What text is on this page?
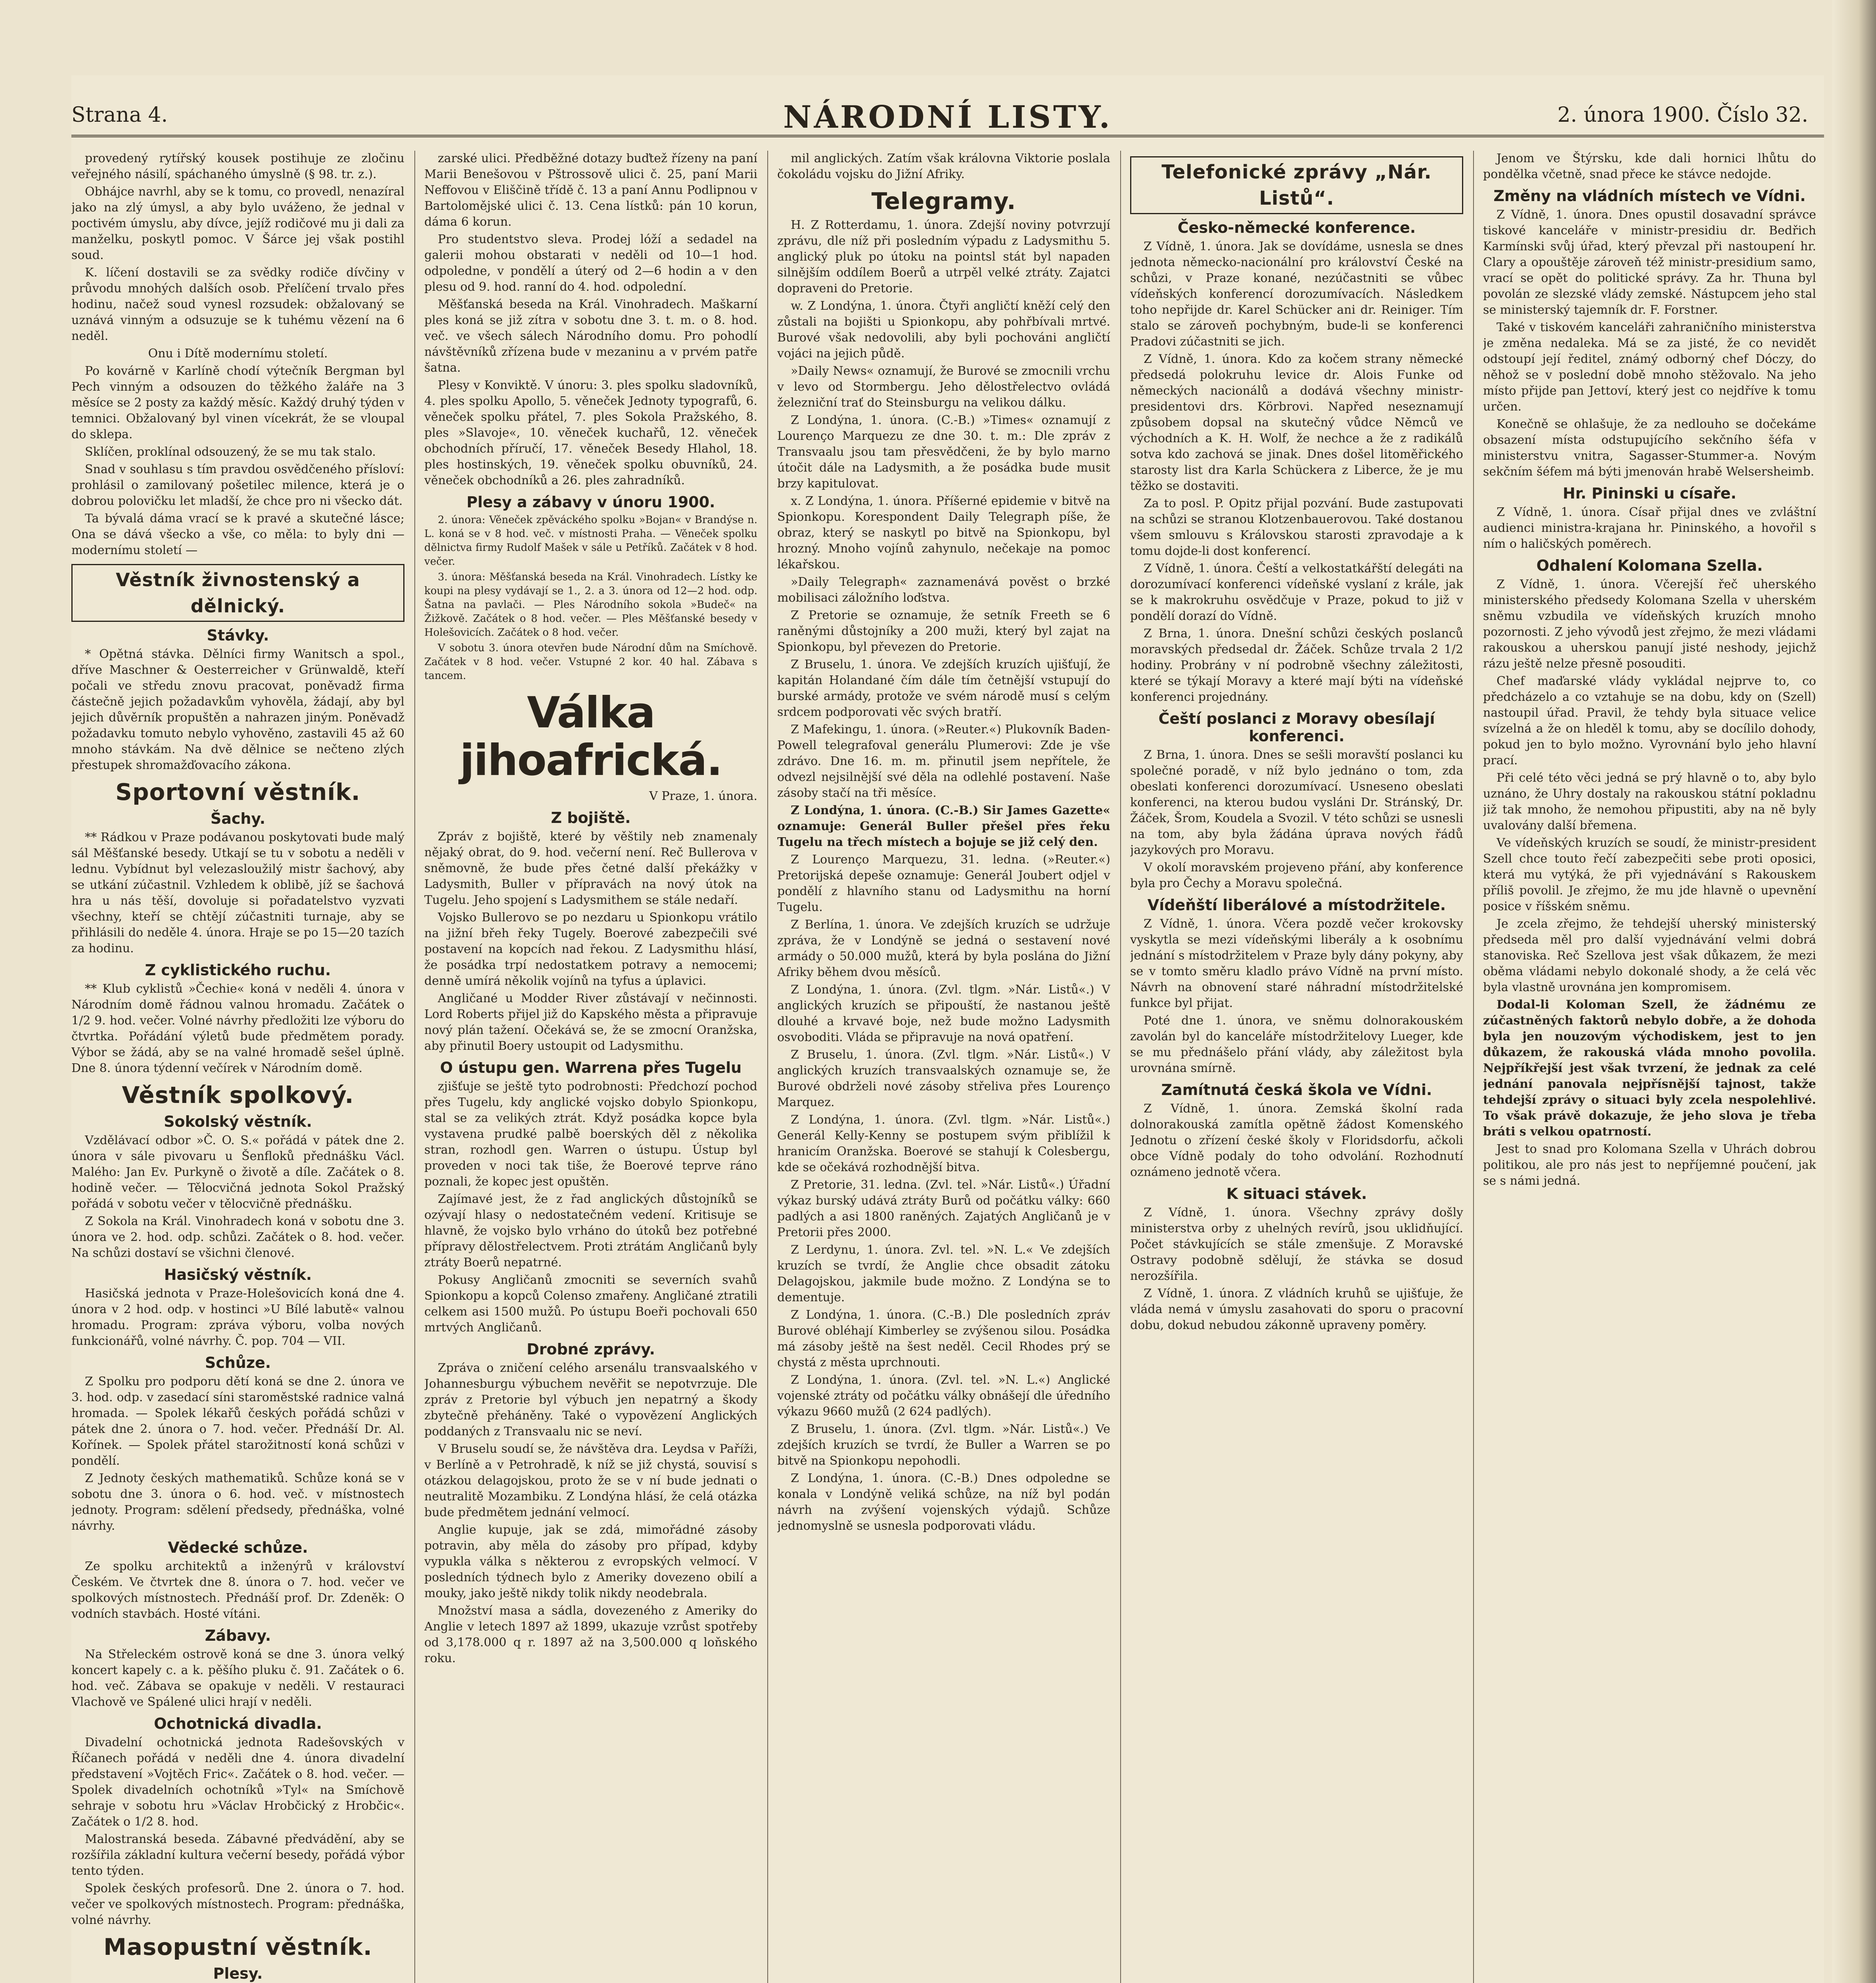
Strana 4.	NÁRODNÍ LISTY.	2. února 1900. Číslo 32.

provedený rytířský kousek postihuje ze zločinu veřejného násilí, spáchaného úmyslně (§ 98. tr. z.).

Obhájce navrhl, aby se k tomu, co provedl, nenazíral jako na zlý úmysl, a aby bylo uváženo, že jednal v poctivém úmyslu, aby dívce, jejíž rodičové mu ji dali za manželku, poskytl pomoc. V Šárce jej však postihl soud.

K. líčení dostavili se za svědky rodiče dívčiny v průvodu mnohých dalších osob. Přelíčení trvalo přes hodinu, načež soud vynesl rozsudek: obžalovaný se uznává vinným a odsuzuje se k tuhému vězení na 6 neděl.

Onu i Dítě modernímu století.

Po kovárně v Karlíně chodí výtečník Bergman byl Pech vinným a odsouzen do těžkého žaláře na 3 měsíce se 2 posty za každý měsíc. Každý druhý týden v temnici. Obžalovaný byl vinen vícekrát, že se vloupal do sklepa.

Sklíčen, proklínal odsouzený, že se mu tak stalo.

Snad v souhlasu s tím pravdou osvědčeného přísloví: prohlásil o zamilovaný pošetilec milence, která je o dobrou polovičku let mladší, že chce pro ni všecko dát.

Ta bývalá dáma vrací se k pravé a skutečné lásce; Ona se dává všecko a vše, co měla: to byly dni — modernímu století —

Věstník živnostenský a dělnický.
Stávky.

* Opětná stávka. Dělníci firmy Wanitsch a spol., dříve Maschner & Oesterreicher v Grünwaldě, kteří počali ve středu znovu pracovat, poněvadž firma částečně jejich požadavkům vyhověla, žádají, aby byl jejich důvěrník propuštěn a nahrazen jiným. Poněvadž požadavku tomuto nebylo vyhověno, zastavili 45 až 60 mnoho stávkám. Na dvě dělnice se nečteno zlých přestupek shromažďovacího zákona.

Sportovní věstník.
Šachy.

** Rádkou v Praze podávanou poskytovati bude malý sál Měšťanské besedy. Utkají se tu v sobotu a neděli v lednu. Vybídnut byl velezasloužilý mistr šachový, aby se utkání zúčastnil. Vzhledem k oblibě, jíž se šachová hra u nás těší, dovoluje si pořadatelstvo vyzvati všechny, kteří se chtějí zúčastniti turnaje, aby se přihlásili do neděle 4. února. Hraje se po 15—20 tazích za hodinu.

Z cyklistického ruchu.

** Klub cyklistů »Čechie« koná v neděli 4. února v Národním domě řádnou valnou hromadu. Začátek o 1/2 9. hod. večer. Volné návrhy předložiti lze výboru do čtvrtka. Pořádání výletů bude předmětem porady. Výbor se žádá, aby se na valné hromadě sešel úplně. Dne 8. února týdenní večírek v Národním domě.

Věstník spolkový.
Sokolský věstník.

Vzdělávací odbor »Č. O. S.« pořádá v pátek dne 2. února v sále pivovaru u Šenfloků přednášku Václ. Malého: Jan Ev. Purkyně o životě a díle. Začátek o 8. hodině večer. — Tělocvičná jednota Sokol Pražský pořádá v sobotu večer v tělocvičně přednášku.

Z Sokola na Král. Vinohradech koná v sobotu dne 3. února ve 2. hod. odp. schůzi. Začátek o 8. hod. večer. Na schůzi dostaví se všichni členové.

Hasičský věstník.

Hasičská jednota v Praze-Holešovicích koná dne 4. února v 2 hod. odp. v hostinci »U Bílé labutě« valnou hromadu. Program: zpráva výboru, volba nových funkcionářů, volné návrhy. Č. pop. 704 — VII.

Schůze.

Z Spolku pro podporu dětí koná se dne 2. února ve 3. hod. odp. v zasedací síni staroměstské radnice valná hromada. — Spolek lékařů českých pořádá schůzi v pátek dne 2. února o 7. hod. večer. Přednáší Dr. Al. Kořínek. — Spolek přátel starožitností koná schůzi v pondělí.

Z Jednoty českých mathematiků. Schůze koná se v sobotu dne 3. února o 6. hod. več. v místnostech jednoty. Program: sdělení předsedy, přednáška, volné návrhy.

Vědecké schůze.

Ze spolku architektů a inženýrů v království Českém. Ve čtvrtek dne 8. února o 7. hod. večer ve spolkových místnostech. Přednáší prof. Dr. Zdeněk: O vodních stavbách. Hosté vítáni.

Zábavy.

Na Střeleckém ostrově koná se dne 3. února velký koncert kapely c. a k. pěšího pluku č. 91. Začátek o 6. hod. več. Zábava se opakuje v neděli. V restauraci Vlachově ve Spálené ulici hrají v neděli.

Ochotnická divadla.

Divadelní ochotnická jednota Radešovských v Říčanech pořádá v neděli dne 4. února divadelní představení »Vojtěch Fric«. Začátek o 8. hod. večer. — Spolek divadelních ochotníků »Tyl« na Smíchově sehraje v sobotu hru »Václav Hrobčický z Hrobčic«. Začátek o 1/2 8. hod.

Malostranská beseda. Zábavné předvádění, aby se rozšířila základní kultura večerní besedy, pořádá výbor tento týden.

Spolek českých profesorů. Dne 2. února o 7. hod. večer ve spolkových místnostech. Program: přednáška, volné návrhy.

Masopustní věstník.
Plesy.

zarské ulici. Předběžné dotazy buďtež řízeny na paní Marii Benešovou v Pštrossově ulici č. 25, paní Marii Neffovou v Eliščině třídě č. 13 a paní Annu Podlipnou v Bartolomějské ulici č. 13. Cena lístků: pán 10 korun, dáma 6 korun.

Pro studentstvo sleva. Prodej lóží a sedadel na galerii mohou obstarati v neděli od 10—1 hod. odpoledne, v pondělí a úterý od 2—6 hodin a v den plesu od 9. hod. ranní do 4. hod. odpolední.

Měšťanská beseda na Král. Vinohradech. Maškarní ples koná se již zítra v sobotu dne 3. t. m. o 8. hod. več. ve všech sálech Národního domu. Pro pohodlí návštěvníků zřízena bude v mezaninu a v prvém patře šatna.

Plesy v Konviktě. V únoru: 3. ples spolku sladovníků, 4. ples spolku Apollo, 5. věneček Jednoty typografů, 6. věneček spolku přátel, 7. ples Sokola Pražského, 8. ples »Slavoje«, 10. věneček kuchařů, 12. věneček obchodních příručí, 17. věneček Besedy Hlahol, 18. ples hostinských, 19. věneček spolku obuvníků, 24. věneček obchodníků a 26. ples zahradníků.

Plesy a zábavy v únoru 1900.

2. února: Věneček zpěváckého spolku »Bojan« v Brandýse n. L. koná se v 8 hod. več. v místnosti Praha. — Věneček spolku dělnictva firmy Rudolf Mašek v sále u Petříků. Začátek v 8 hod. večer.

3. února: Měšťanská beseda na Král. Vinohradech. Lístky ke koupi na plesy vydávají se 1., 2. a 3. února od 12—2 hod. odp. Šatna na pavlači. — Ples Národního sokola »Budeč« na Žižkově. Začátek o 8 hod. večer. — Ples Měšťanské besedy v Holešovicích. Začátek o 8 hod. večer.

V sobotu 3. února otevřen bude Národní dům na Smíchově. Začátek v 8 hod. večer. Vstupné 2 kor. 40 hal. Zábava s tancem.

Válka jihoafrická.

V Praze, 1. února.

Z bojiště.

Zpráv z bojiště, které by věštily neb znamenaly nějaký obrat, do 9. hod. večerní není. Reč Bullerova v sněmovně, že bude přes četné další překážky v Ladysmith, Buller v přípravách na nový útok na Tugelu. Jeho spojení s Ladysmithem se stále nedaří.

Vojsko Bullerovo se po nezdaru u Spionkopu vrátilo na jižní břeh řeky Tugely. Boerové zabezpečili své postavení na kopcích nad řekou. Z Ladysmithu hlásí, že posádka trpí nedostatkem potravy a nemocemi; denně umírá několik vojínů na tyfus a úplavici.

Angličané u Modder River zůstávají v nečinnosti. Lord Roberts přijel již do Kapského města a připravuje nový plán tažení. Očekává se, že se zmocní Oranžska, aby přinutil Boery ustoupit od Ladysmithu.

O ústupu gen. Warrena přes Tugelu

zjišťuje se ještě tyto podrobnosti: Předchozí pochod přes Tugelu, kdy anglické vojsko dobylo Spionkopu, stal se za velikých ztrát. Když posádka kopce byla vystavena prudké palbě boerských děl z několika stran, rozhodl gen. Warren o ústupu. Ústup byl proveden v noci tak tiše, že Boerové teprve ráno poznali, že kopec jest opuštěn.

Zajímavé jest, že z řad anglických důstojníků se ozývají hlasy o nedostatečném vedení. Kritisuje se hlavně, že vojsko bylo vrháno do útoků bez potřebné přípravy dělostřelectvem. Proti ztrátám Angličanů byly ztráty Boerů nepatrné.

Pokusy Angličanů zmocniti se severních svahů Spionkopu a kopců Colenso zmařeny. Angličané ztratili celkem asi 1500 mužů. Po ústupu Boeři pochovali 650 mrtvých Angličanů.

Drobné zprávy.

Zpráva o zničení celého arsenálu transvaalského v Johannesburgu výbuchem nevěřit se nepotvrzuje. Dle zpráv z Pretorie byl výbuch jen nepatrný a škody zbytečně přeháněny. Také o vypovězení Anglických poddaných z Transvaalu nic se neví.

V Bruselu soudí se, že návštěva dra. Leydsa v Paříži, v Berlíně a v Petrohradě, k níž se již chystá, souvisí s otázkou delagojskou, proto že se v ní bude jednati o neutralitě Mozambiku. Z Londýna hlásí, že celá otázka bude předmětem jednání velmocí.

Anglie kupuje, jak se zdá, mimořádné zásoby potravin, aby měla do zásoby pro případ, kdyby vypukla válka s některou z evropských velmocí. V posledních týdnech bylo z Ameriky dovezeno obilí a mouky, jako ještě nikdy tolik nikdy neodebrala.

Množství masa a sádla, dovezeného z Ameriky do Anglie v letech 1897 až 1899, ukazuje vzrůst spotřeby od 3,178.000 q r. 1897 až na 3,500.000 q loňského roku.

mil anglických. Zatím však královna Viktorie poslala čokoládu vojsku do Jižní Afriky.

Telegramy.

H. Z Rotterdamu, 1. února. Zdejší noviny potvrzují zprávu, dle níž při posledním výpadu z Ladysmithu 5. anglický pluk po útoku na pointsl stát byl napaden silnějším oddílem Boerů a utrpěl velké ztráty. Zajatci dopraveni do Pretorie.

w. Z Londýna, 1. února. Čtyři angličtí kněží celý den zůstali na bojišti u Spionkopu, aby pohřbívali mrtvé. Burové však nedovolili, aby byli pochováni angličtí vojáci na jejich půdě.

»Daily News« oznamují, že Burové se zmocnili vrchu v levo od Stormbergu. Jeho dělostřelectvo ovládá železniční trať do Steinsburgu na velikou dálku.

Z Londýna, 1. února. (C.-B.) »Times« oznamují z Lourenço Marquezu ze dne 30. t. m.: Dle zpráv z Transvaalu jsou tam přesvědčeni, že by bylo marno útočit dále na Ladysmith, a že posádka bude musit brzy kapitulovat.

x. Z Londýna, 1. února. Příšerné epidemie v bitvě na Spionkopu. Korespondent Daily Telegraph píše, že obraz, který se naskytl po bitvě na Spionkopu, byl hrozný. Mnoho vojínů zahynulo, nečekaje na pomoc lékařskou.

»Daily Telegraph« zaznamenává pověst o brzké mobilisaci záložního loďstva.

Z Pretorie se oznamuje, že setník Freeth se 6 raněnými důstojníky a 200 muži, který byl zajat na Spionkopu, byl převezen do Pretorie.

Z Bruselu, 1. února. Ve zdejších kruzích ujišťují, že kapitán Holandané čím dále tím četnější vstupují do burské armády, protože ve svém národě musí s celým srdcem podporovati věc svých bratří.

Z Mafekingu, 1. února. (»Reuter.«) Plukovník Baden-Powell telegrafoval generálu Plumerovi: Zde je vše zdrávo. Dne 16. m. m. přinutil jsem nepřítele, že odvezl nejsilnější své děla na odlehlé postavení. Naše zásoby stačí na tři měsíce.

Z Londýna, 1. února. (C.-B.) Sir James Gazette« oznamuje: Generál Buller přešel přes řeku Tugelu na třech místech a bojuje se již celý den.

Z Lourenço Marquezu, 31. ledna. (»Reuter.«) Pretorijská depeše oznamuje: Generál Joubert odjel v pondělí z hlavního stanu od Ladysmithu na horní Tugelu.

Z Berlína, 1. února. Ve zdejších kruzích se udržuje zpráva, že v Londýně se jedná o sestavení nové armády o 50.000 mužů, která by byla poslána do Jižní Afriky během dvou měsíců.

Z Londýna, 1. února. (Zvl. tlgm. »Nár. Listů«.) V anglických kruzích se připouští, že nastanou ještě dlouhé a krvavé boje, než bude možno Ladysmith osvoboditi. Vláda se připravuje na nová opatření.

Z Bruselu, 1. února. (Zvl. tlgm. »Nár. Listů«.) V anglických kruzích transvaalských oznamuje se, že Burové obdrželi nové zásoby střeliva přes Lourenço Marquez.

Z Londýna, 1. února. (Zvl. tlgm. »Nár. Listů«.) Generál Kelly-Kenny se postupem svým přiblížil k hranicím Oranžska. Boerové se stahují k Colesbergu, kde se očekává rozhodnější bitva.

Z Pretorie, 31. ledna. (Zvl. tel. »Nár. Listů«.) Úřadní výkaz burský udává ztráty Burů od počátku války: 660 padlých a asi 1800 raněných. Zajatých Angličanů je v Pretorii přes 2000.

Z Lerdynu, 1. února. Zvl. tel. »N. L.« Ve zdejších kruzích se tvrdí, že Anglie chce obsadit zátoku Delagojskou, jakmile bude možno. Z Londýna se to dementuje.

Z Londýna, 1. února. (C.-B.) Dle posledních zpráv Burové obléhají Kimberley se zvýšenou silou. Posádka má zásoby ještě na šest neděl. Cecil Rhodes prý se chystá z města uprchnouti.

Z Londýna, 1. února. (Zvl. tel. »N. L.«) Anglické vojenské ztráty od počátku války obnášejí dle úředního výkazu 9660 mužů (2 624 padlých).

Z Bruselu, 1. února. (Zvl. tlgm. »Nár. Listů«.) Ve zdejších kruzích se tvrdí, že Buller a Warren se po bitvě na Spionkopu nepohodli.

Z Londýna, 1. února. (C.-B.) Dnes odpoledne se konala v Londýně veliká schůze, na níž byl podán návrh na zvýšení vojenských výdajů. Schůze jednomyslně se usnesla podporovati vládu.

Telefonické zprávy „Nár. Listů“.
Česko-německé konference.

Z Vídně, 1. února. Jak se dovídáme, usnesla se dnes jednota německo-nacionální pro království České na schůzi, v Praze konané, nezúčastniti se vůbec vídeňských konferencí dorozumívacích. Následkem toho nepřijde dr. Karel Schücker ani dr. Reiniger. Tím stalo se zároveň pochybným, bude-li se konferenci Pradovi zúčastniti se jich.

Z Vídně, 1. února. Kdo za kočem strany německé předsedá polokruhu levice dr. Alois Funke od německých nacionálů a dodává všechny ministr-presidentovi drs. Körbrovi. Napřed neseznamují způsobem dopsal na skutečný vůdce Němců ve východních a K. H. Wolf, že nechce a že z radikálů sotva kdo zachová se jinak. Dnes došel litoměřického starosty list dra Karla Schückera z Liberce, že je mu těžko se dostaviti.

Za to posl. P. Opitz přijal pozvání. Bude zastupovati na schůzi se stranou Klotzenbauerovou. Také dostanou všem smlouvu s Královskou starosti zpravodaje a k tomu dojde-li dost konferencí.

Z Vídně, 1. února. Čeští a velkostatkářští delegáti na dorozumívací konferenci vídeňské vyslaní z krále, jak se k makrokruhu osvědčuje v Praze, pokud to již v pondělí dorazí do Vídně.

Z Brna, 1. února. Dnešní schůzi českých poslanců moravských předsedal dr. Žáček. Schůze trvala 2 1/2 hodiny. Probrány v ní podrobně všechny záležitosti, které se týkají Moravy a které mají býti na vídeňské konferenci projednány.

Čeští poslanci z Moravy obesílají konferenci.

Z Brna, 1. února. Dnes se sešli moravští poslanci ku společné poradě, v níž bylo jednáno o tom, zda obeslati konferenci dorozumívací. Usneseno obeslati konferenci, na kterou budou vysláni Dr. Stránský, Dr. Žáček, Šrom, Koudela a Svozil. V této schůzi se usnesli na tom, aby byla žádána úprava nových řádů jazykových pro Moravu.

V okolí moravském projeveno přání, aby konference byla pro Čechy a Moravu společná.

Vídeňští liberálové a místodržitele.

Z Vídně, 1. února. Včera pozdě večer krokovsky vyskytla se mezi vídeňskými liberály a k osobnímu jednání s místodržitelem v Praze byly dány pokyny, aby se v tomto směru kladlo právo Vídně na první místo. Návrh na obnovení staré náhradní místodržitelské funkce byl přijat.

Poté dne 1. února, ve sněmu dolnorakouském zavolán byl do kanceláře místodržitelovy Lueger, kde se mu přednášelo přání vlády, aby záležitost byla urovnána smírně.

Zamítnutá česká škola ve Vídni.

Z Vídně, 1. února. Zemská školní rada dolnorakouská zamítla opětně žádost Komenského Jednotu o zřízení české školy v Floridsdorfu, ačkoli obce Vídně podaly do toho odvolání. Rozhodnutí oznámeno jednotě včera.

K situaci stávek.

Z Vídně, 1. února. Všechny zprávy došly ministerstva orby z uhelných revírů, jsou uklidňující. Počet stávkujících se stále zmenšuje. Z Moravské Ostravy podobně sdělují, že stávka se dosud nerozšířila.

Z Vídně, 1. února. Z vládních kruhů se ujišťuje, že vláda nemá v úmyslu zasahovati do sporu o pracovní dobu, dokud nebudou zákonně upraveny poměry.

Jenom ve Štýrsku, kde dali hornici lhůtu do pondělka včetně, snad přece ke stávce nedojde.

Změny na vládních místech ve Vídni.

Z Vídně, 1. února. Dnes opustil dosavadní správce tiskové kanceláře v ministr-presidiu dr. Bedřich Karmínski svůj úřad, který převzal při nastoupení hr. Clary a opouštěje zároveň též ministr-presidium samo, vrací se opět do politické správy. Za hr. Thuna byl povolán ze slezské vlády zemské. Nástupcem jeho stal se ministerský tajemník dr. F. Forstner.

Také v tiskovém kanceláři zahraničního ministerstva je změna nedaleka. Má se za jisté, že co nevidět odstoupí její ředitel, známý odborný chef Dóczy, do něhož se v poslední době mnoho stěžovalo. Na jeho místo přijde pan Jettoví, který jest co nejdříve k tomu určen.

Konečně se ohlašuje, že za nedlouho se dočekáme obsazení místa odstupujícího sekčního šéfa v ministerstvu vnitra, Sagasser-Stummer-a. Novým sekčním šéfem má býti jmenován hrabě Welsersheimb.

Hr. Pininski u císaře.

Z Vídně, 1. února. Císař přijal dnes ve zvláštní audienci ministra-krajana hr. Pininského, a hovořil s ním o haličských poměrech.

Odhalení Kolomana Szella.

Z Vídně, 1. února. Včerejší řeč uherského ministerského předsedy Kolomana Szella v uherském sněmu vzbudila ve vídeňských kruzích mnoho pozornosti. Z jeho vývodů jest zřejmo, že mezi vládami rakouskou a uherskou panují jisté neshody, jejichž rázu ještě nelze přesně posouditi.

Chef maďarské vlády vykládal nejprve to, co předcházelo a co vztahuje se na dobu, kdy on (Szell) nastoupil úřad. Pravil, že tehdy byla situace velice svízelná a že on hleděl k tomu, aby se docílilo dohody, pokud jen to bylo možno. Vyrovnání bylo jeho hlavní prací.

Při celé této věci jedná se prý hlavně o to, aby bylo uznáno, že Uhry dostaly na rakouskou státní pokladnu již tak mnoho, že nemohou připustiti, aby na ně byly uvalovány další břemena.

Ve vídeňských kruzích se soudí, že ministr-president Szell chce touto řečí zabezpečiti sebe proti oposici, která mu vytýká, že při vyjednávání s Rakouskem příliš povolil. Je zřejmo, že mu jde hlavně o upevnění posice v říšském sněmu.

Je zcela zřejmo, že tehdejší uherský ministerský předseda měl pro další vyjednávání velmi dobrá stanoviska. Reč Szellova jest však důkazem, že mezi oběma vládami nebylo dokonalé shody, a že celá věc byla vlastně urovnána jen kompromisem.

Dodal-li Koloman Szell, že žádnému ze zúčastněných faktorů nebylo dobře, a že dohoda byla jen nouzovým východiskem, jest to jen důkazem, že rakouská vláda mnoho povolila. Nejpříkřejší jest však tvrzení, že jednak za celé jednání panovala nejpřísnější tajnost, takže tehdejší zprávy o situaci byly zcela nespolehlivé. To však právě dokazuje, že jeho slova je třeba bráti s velkou opatrností.

Jest to snad pro Kolomana Szella v Uhrách dobrou politikou, ale pro nás jest to nepříjemné poučení, jak se s námi jedná.
